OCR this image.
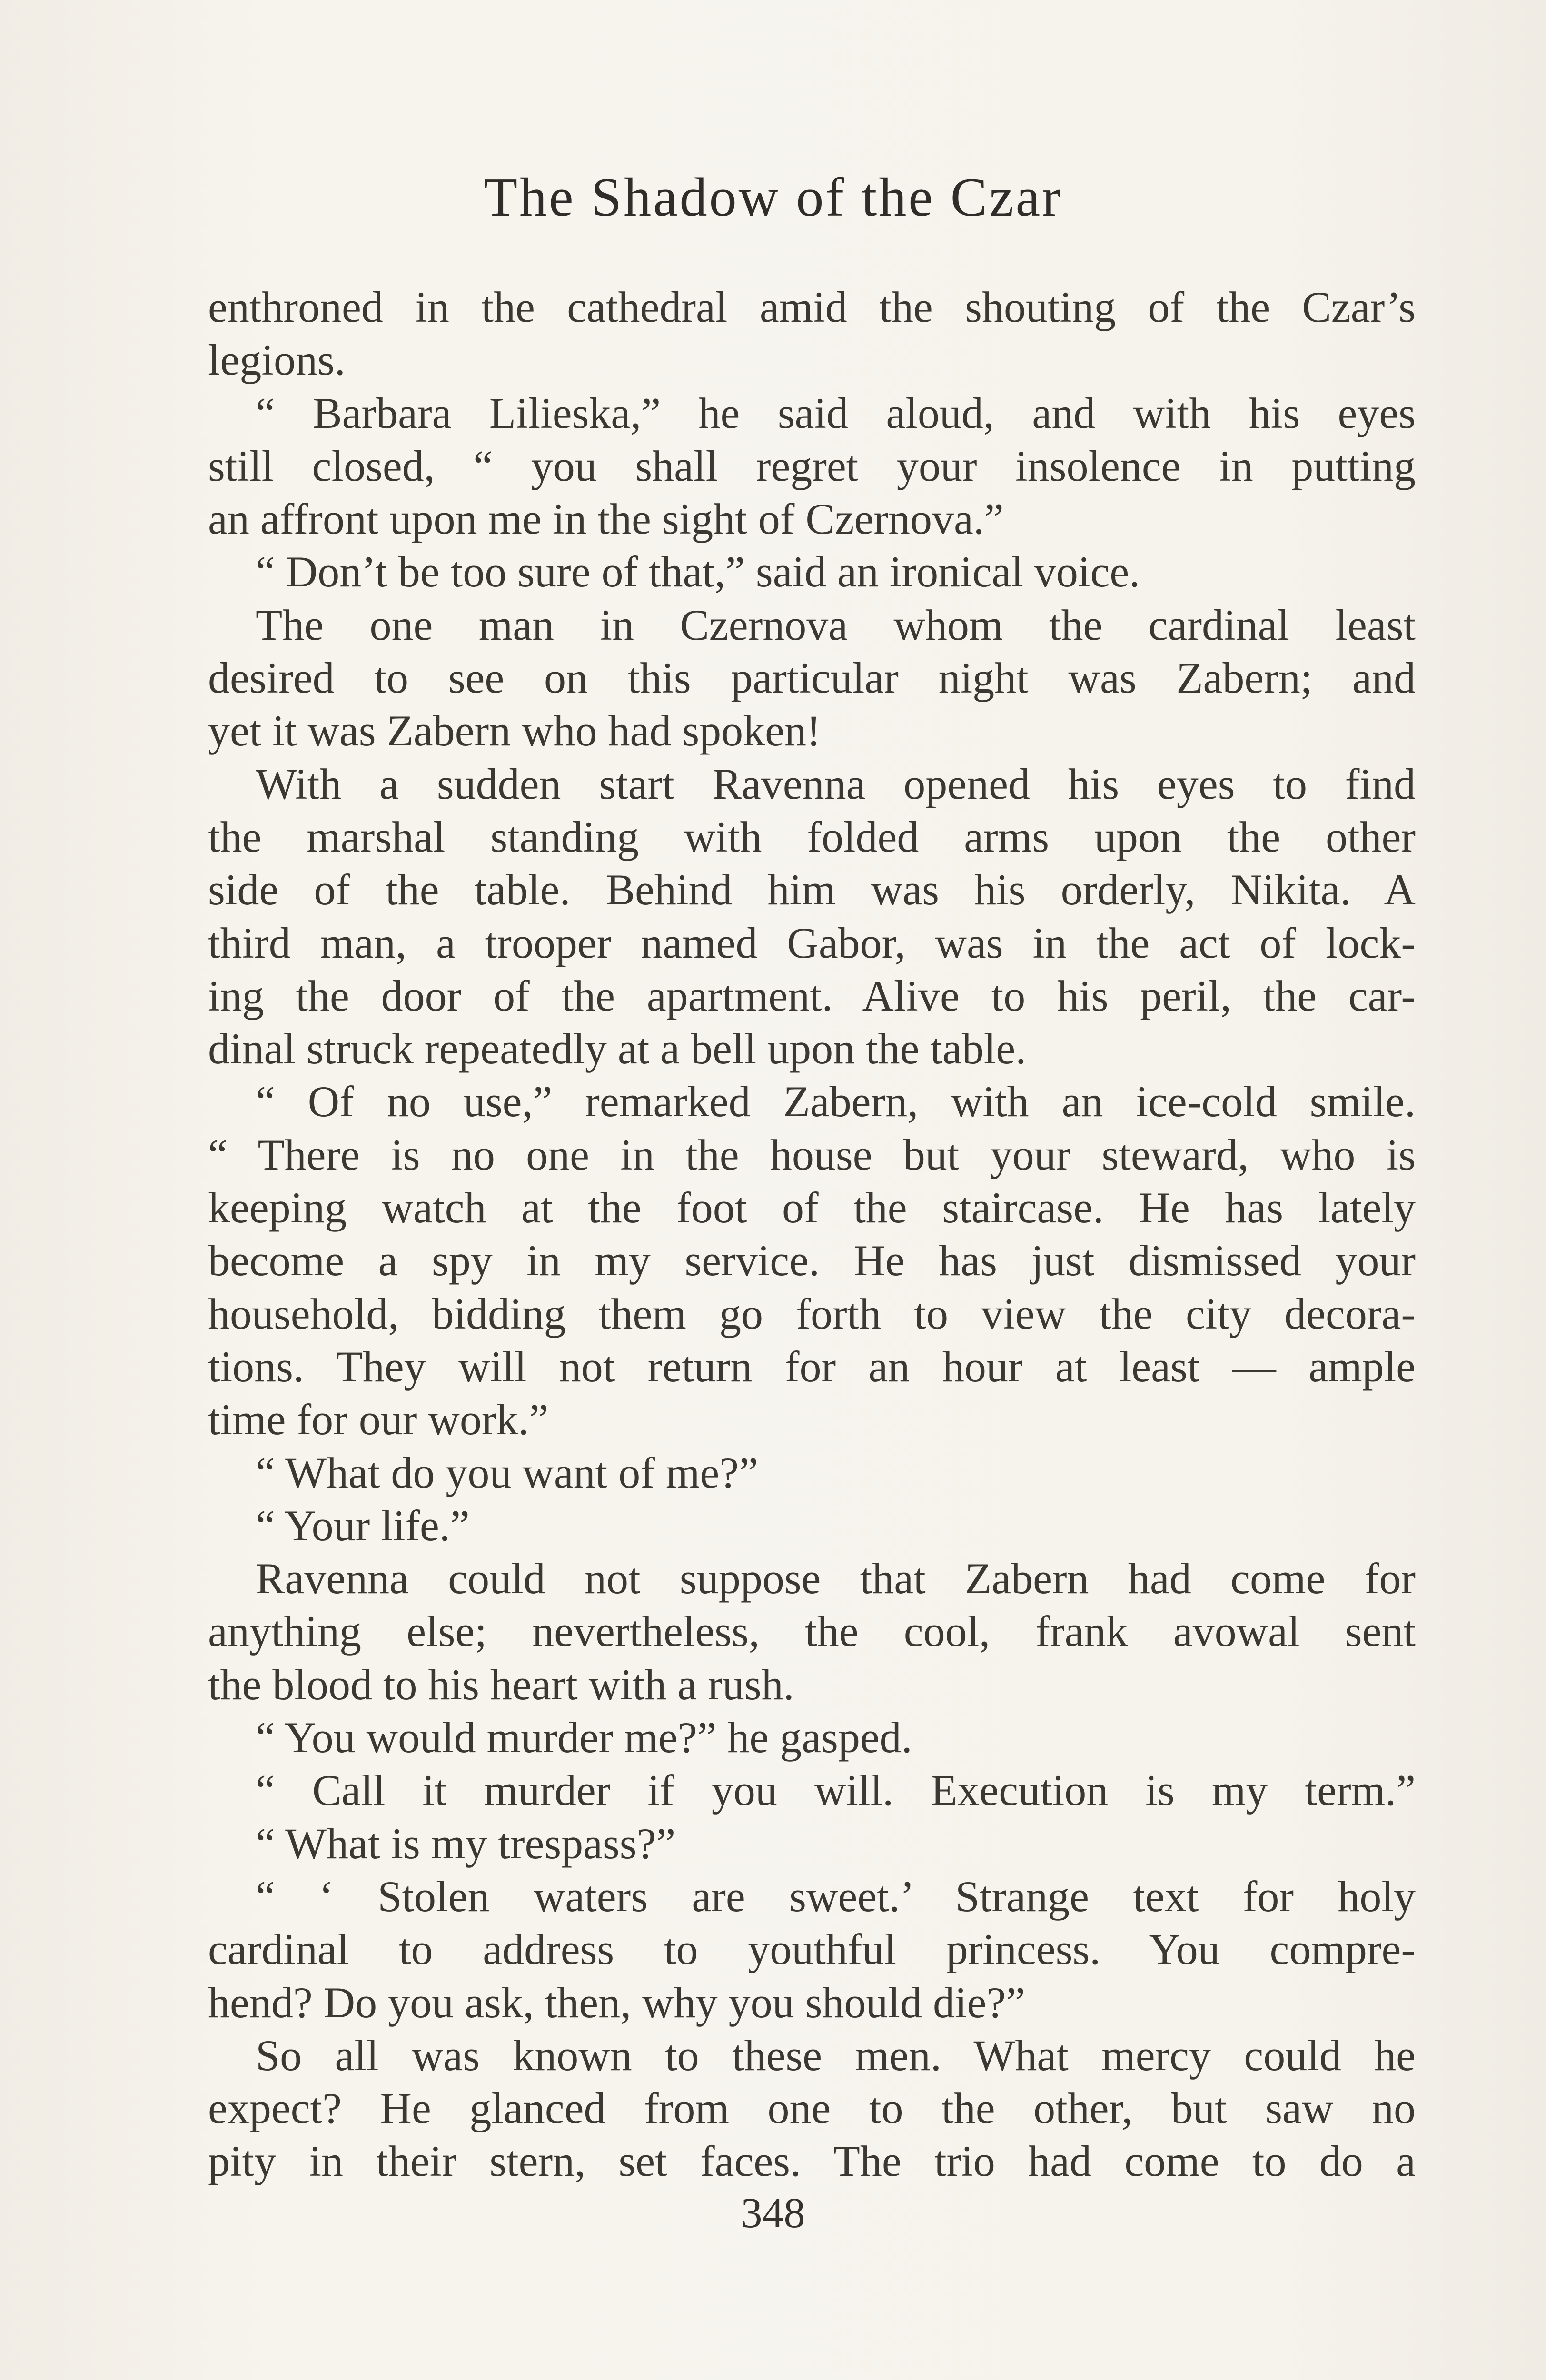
The Shadow of the Czar
enthroned in the cathedral amid the shouting of the Czar’s
legions.
“ Barbara Lilieska,” he said aloud, and with his eyes
still closed, “ you shall regret your insolence in putting
an affront upon me in the sight of Czernova.”
“ Don’t be too sure of that,” said an ironical voice.
The one man in Czernova whom the cardinal least
desired to see on this particular night was Zabern; and
yet it was Zabern who had spoken!
With a sudden start Ravenna opened his eyes to find
the marshal standing with folded arms upon the other
side of the table. Behind him was his orderly, Nikita. A
third man, a trooper named Gabor, was in the act of lock-
ing the door of the apartment. Alive to his peril, the car-
dinal struck repeatedly at a bell upon the table.
“ Of no use,” remarked Zabern, with an ice-cold smile.
“ There is no one in the house but your steward, who is
keeping watch at the foot of the staircase. He has lately
become a spy in my service. He has just dismissed your
household, bidding them go forth to view the city decora-
tions. They will not return for an hour at least — ample
time for our work.”
“ What do you want of me?”
“ Your life.”
Ravenna could not suppose that Zabern had come for
anything else; nevertheless, the cool, frank avowal sent
the blood to his heart with a rush.
“ You would murder me?” he gasped.
“ Call it murder if you will. Execution is my term.”
“ What is my trespass?”
“ ‘ Stolen waters are sweet.’ Strange text for holy
cardinal to address to youthful princess. You compre-
hend? Do you ask, then, why you should die?”
So all was known to these men. What mercy could he
expect? He glanced from one to the other, but saw no
pity in their stern, set faces. The trio had come to do a
348
